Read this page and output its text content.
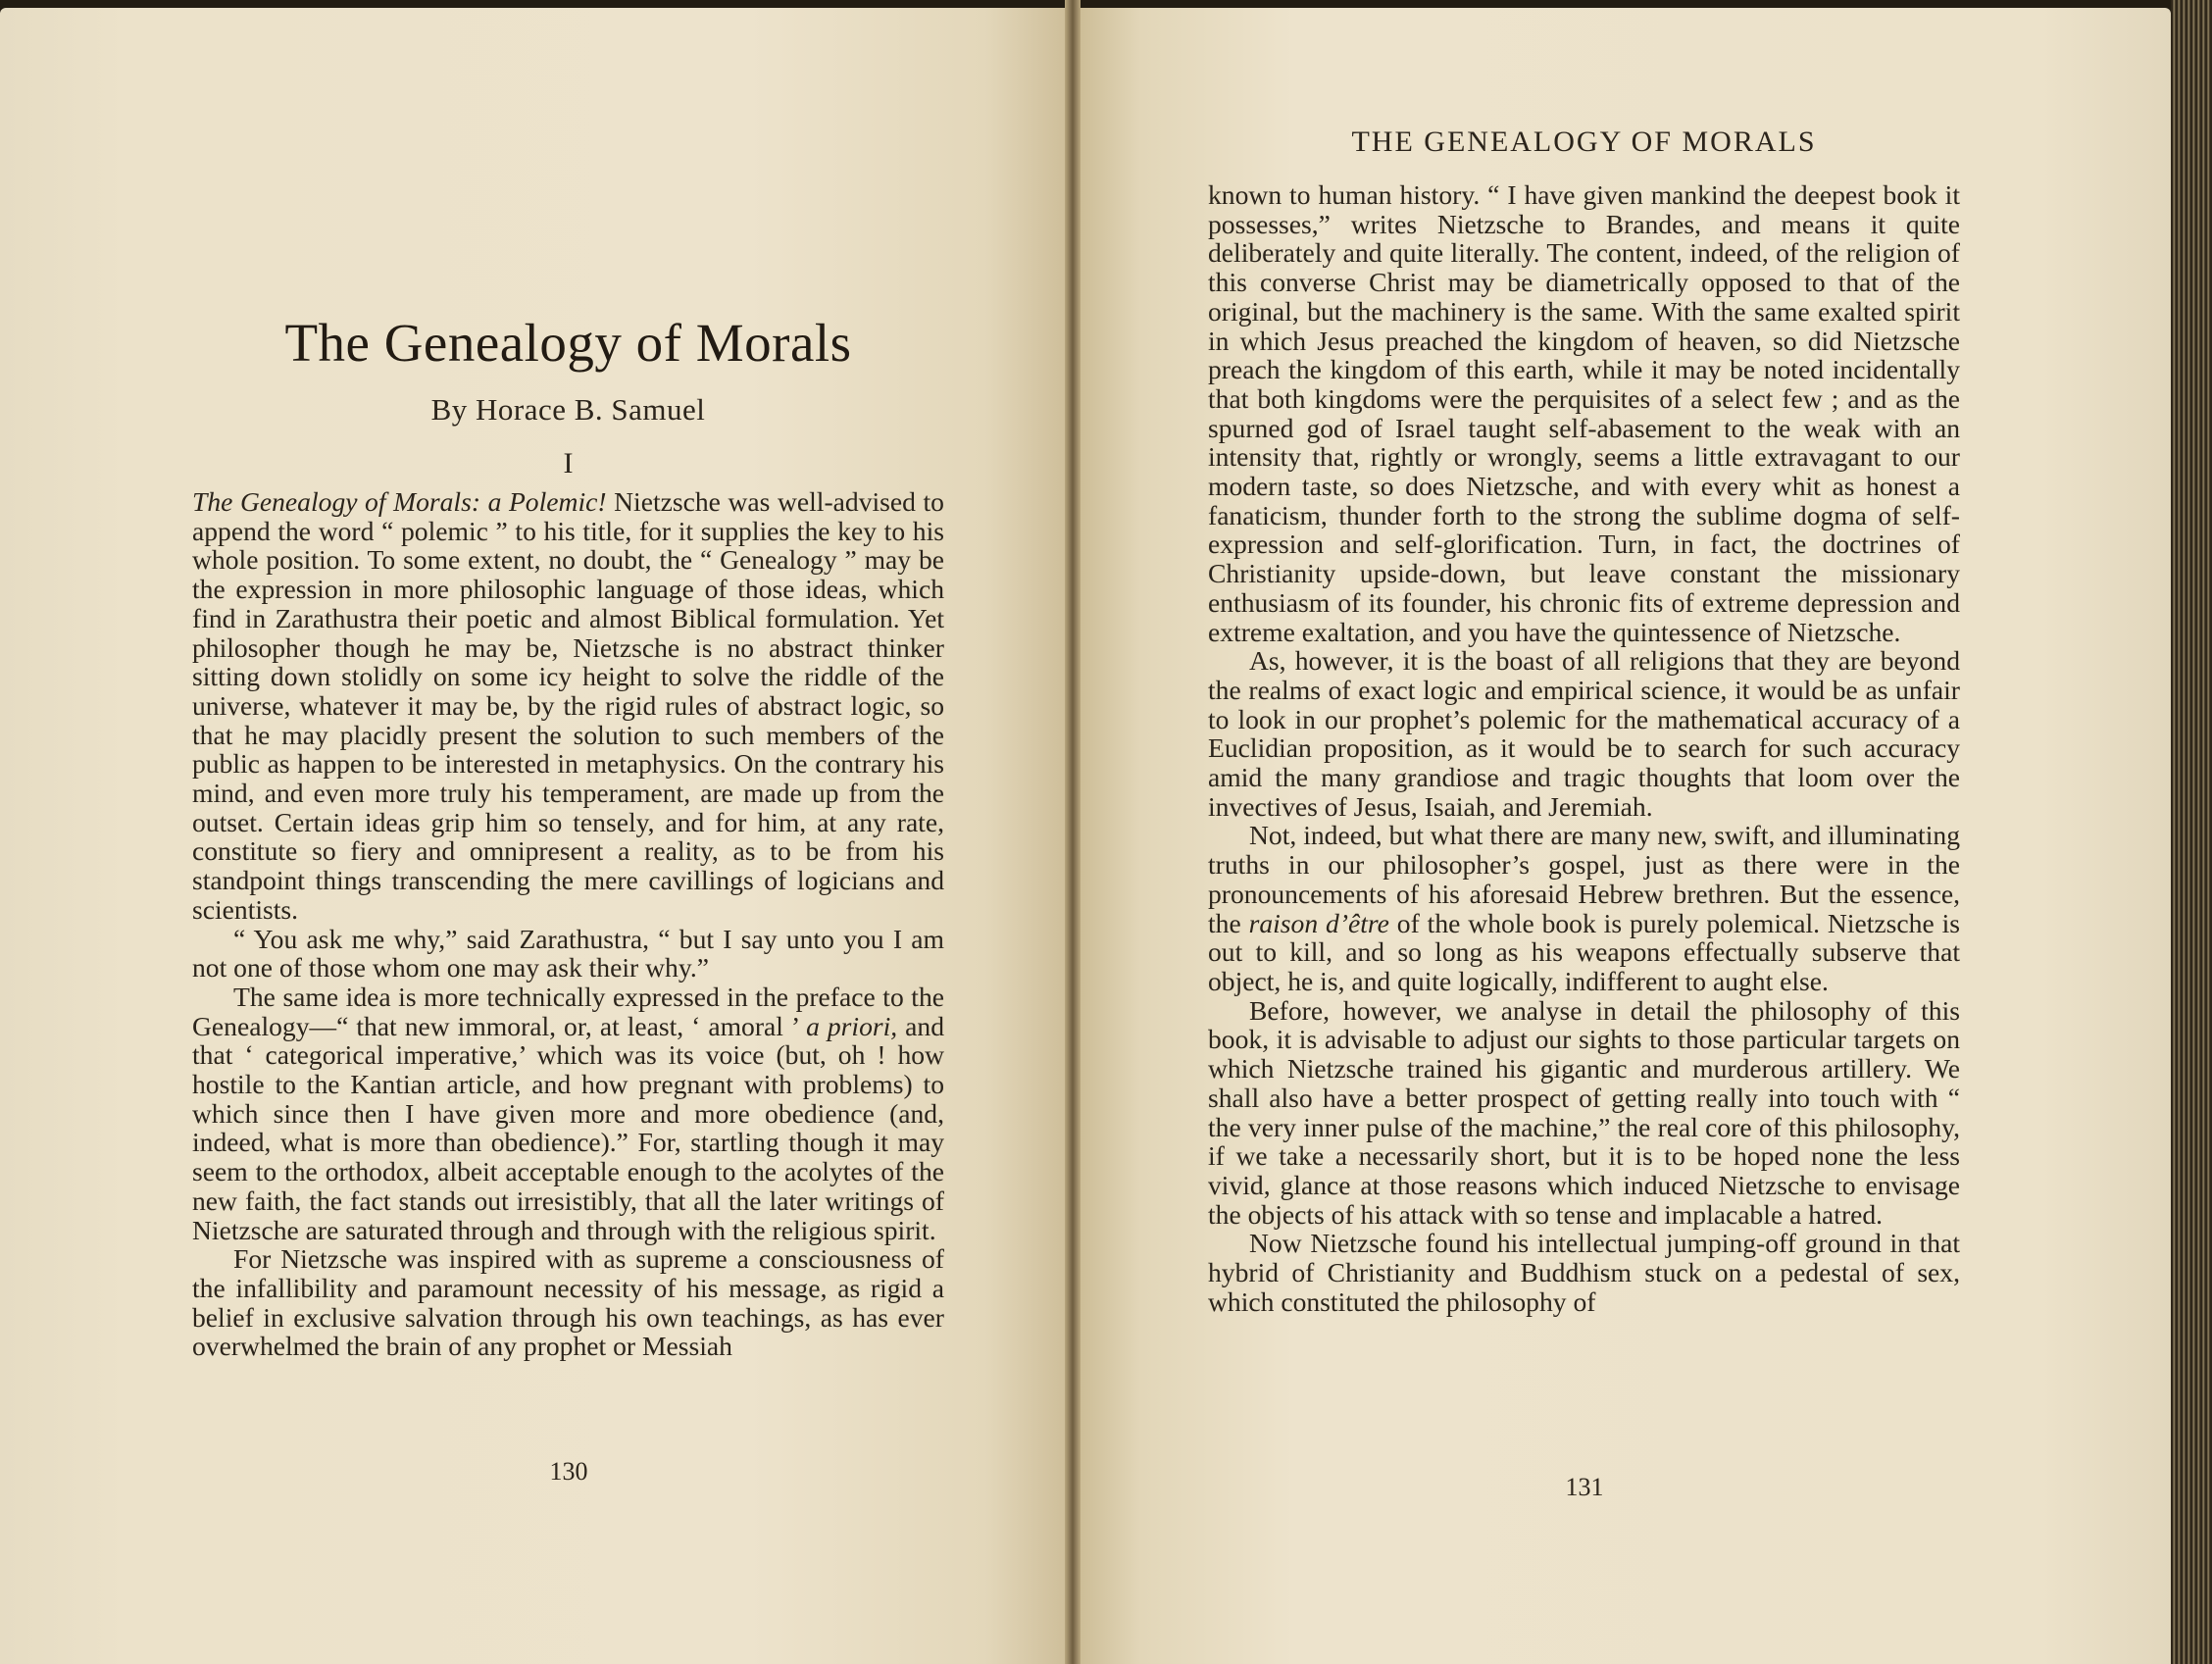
The Genealogy of Morals
By Horace B. Samuel
I

The Genealogy of Morals: a Polemic! Nietzsche was well-advised to append the word “ polemic ” to his title, for it supplies the key to his whole position. To some extent, no doubt, the “ Genealogy ” may be the expression in more philosophic language of those ideas, which find in Zarathustra their poetic and almost Biblical formulation. Yet philosopher though he may be, Nietzsche is no abstract thinker sitting down stolidly on some icy height to solve the riddle of the universe, whatever it may be, by the rigid rules of abstract logic, so that he may placidly present the solution to such members of the public as happen to be interested in metaphysics. On the contrary his mind, and even more truly his temperament, are made up from the outset. Certain ideas grip him so tensely, and for him, at any rate, constitute so fiery and omnipresent a reality, as to be from his standpoint things transcending the mere cavillings of logicians and scientists.

“ You ask me why,” said Zarathustra, “ but I say unto you I am not one of those whom one may ask their why.”

The same idea is more technically expressed in the preface to the Genealogy—“ that new immoral, or, at least, ‘ amoral ’ a priori, and that ‘ categorical imperative,’ which was its voice (but, oh ! how hostile to the Kantian article, and how pregnant with problems) to which since then I have given more and more obedience (and, indeed, what is more than obedience).” For, startling though it may seem to the orthodox, albeit acceptable enough to the acolytes of the new faith, the fact stands out irresistibly, that all the later writings of Nietzsche are saturated through and through with the religious spirit.

For Nietzsche was inspired with as supreme a consciousness of the infallibility and paramount necessity of his message, as rigid a belief in exclusive salvation through his own teachings, as has ever overwhelmed the brain of any prophet or Messiah

130
THE GENEALOGY OF MORALS

known to human history. “ I have given mankind the deepest book it possesses,” writes Nietzsche to Brandes, and means it quite deliberately and quite literally. The content, indeed, of the religion of this converse Christ may be diametrically opposed to that of the original, but the machinery is the same. With the same exalted spirit in which Jesus preached the kingdom of heaven, so did Nietzsche preach the kingdom of this earth, while it may be noted incidentally that both kingdoms were the perquisites of a select few ; and as the spurned god of Israel taught self-abasement to the weak with an intensity that, rightly or wrongly, seems a little extravagant to our modern taste, so does Nietzsche, and with every whit as honest a fanaticism, thunder forth to the strong the sublime dogma of self-expression and self-glorification. Turn, in fact, the doctrines of Christianity upside-down, but leave constant the missionary enthusiasm of its founder, his chronic fits of extreme depression and extreme exaltation, and you have the quintessence of Nietzsche.

As, however, it is the boast of all religions that they are beyond the realms of exact logic and empirical science, it would be as unfair to look in our prophet’s polemic for the mathematical accuracy of a Euclidian proposition, as it would be to search for such accuracy amid the many grandiose and tragic thoughts that loom over the invectives of Jesus, Isaiah, and Jeremiah.

Not, indeed, but what there are many new, swift, and illuminating truths in our philosopher’s gospel, just as there were in the pronouncements of his aforesaid Hebrew brethren. But the essence, the raison d’être of the whole book is purely polemical. Nietzsche is out to kill, and so long as his weapons effectually subserve that object, he is, and quite logically, indifferent to aught else.

Before, however, we analyse in detail the philosophy of this book, it is advisable to adjust our sights to those particular targets on which Nietzsche trained his gigantic and murderous artillery. We shall also have a better prospect of getting really into touch with “ the very inner pulse of the machine,” the real core of this philosophy, if we take a necessarily short, but it is to be hoped none the less vivid, glance at those reasons which induced Nietzsche to envisage the objects of his attack with so tense and implacable a hatred.

Now Nietzsche found his intellectual jumping-off ground in that hybrid of Christianity and Buddhism stuck on a pedestal of sex, which constituted the philosophy of

131
